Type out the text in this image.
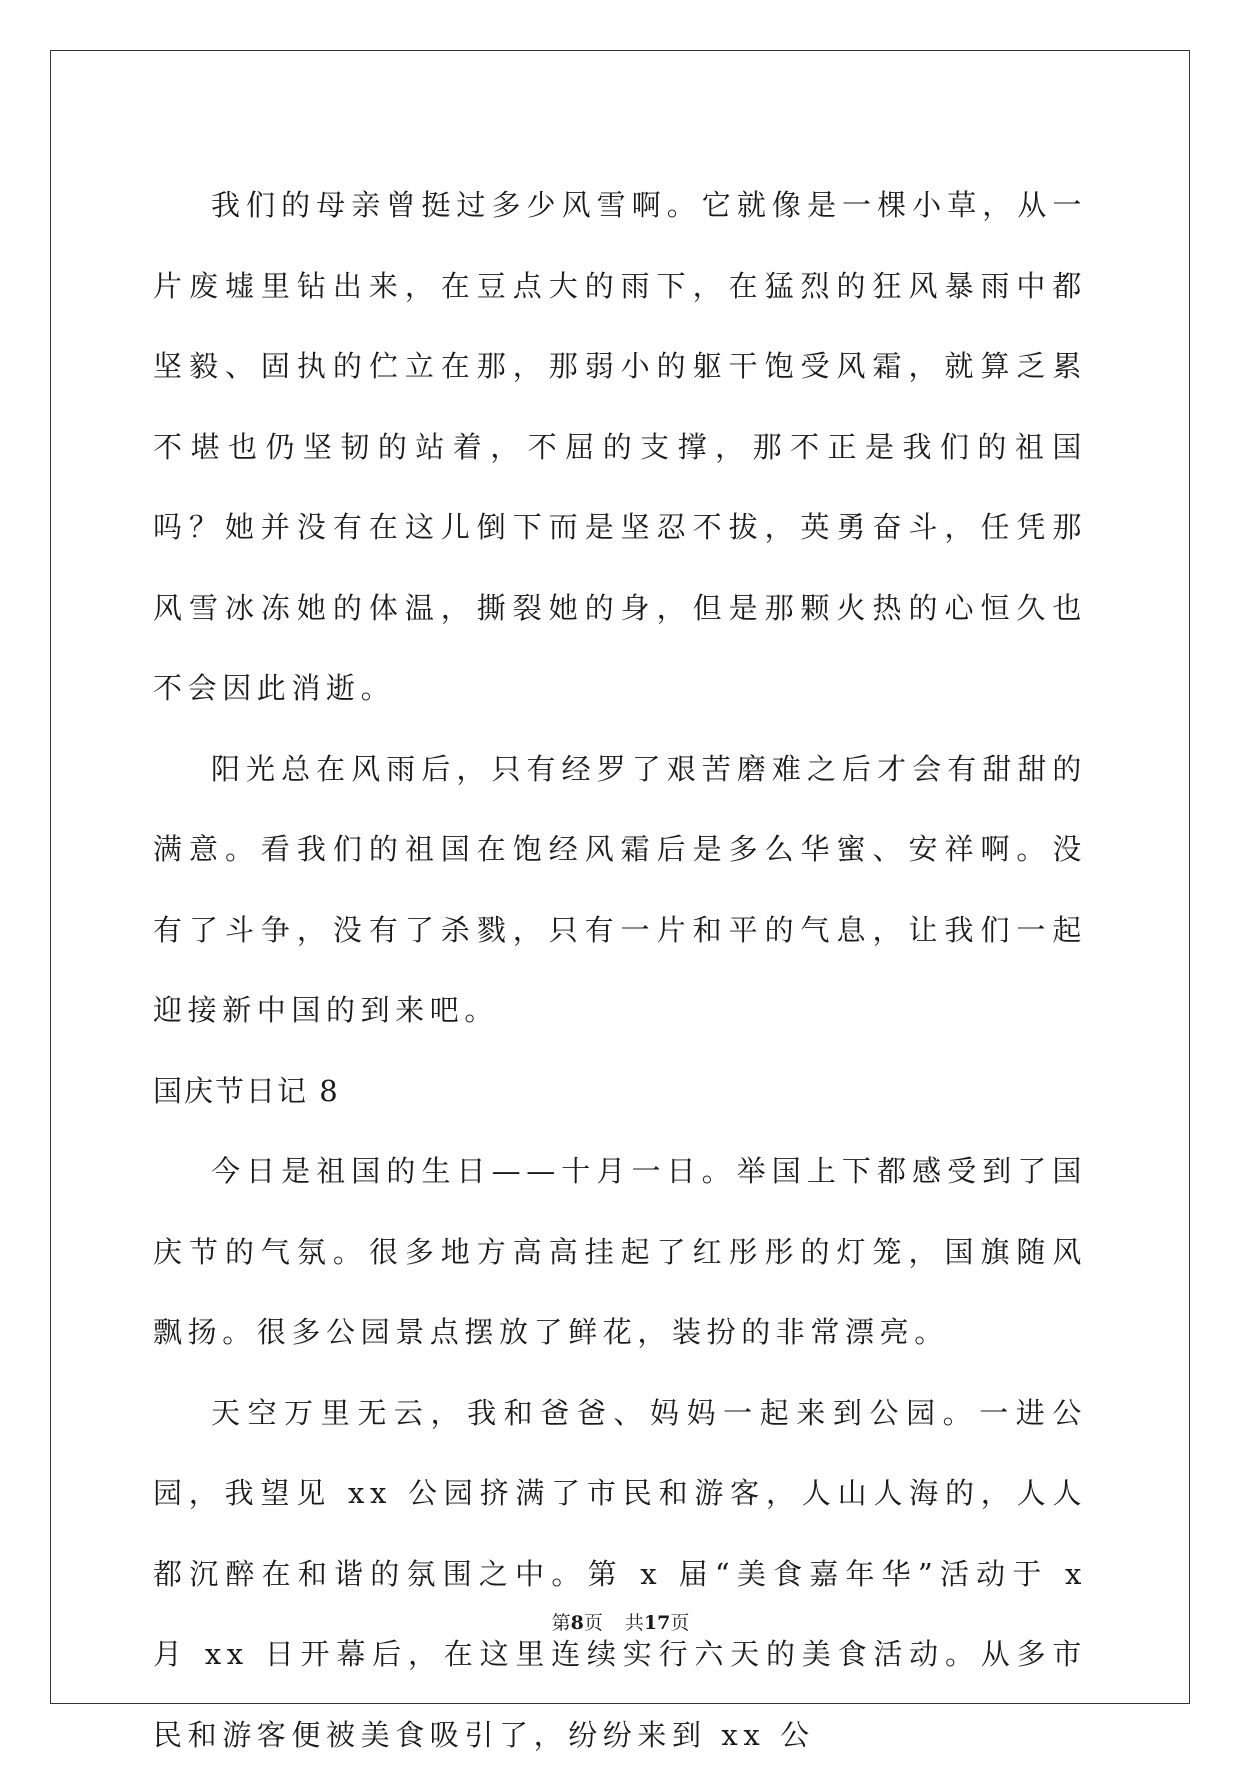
我们的母亲曾挺过多少风雪啊。它就像是一棵小草，从一片废墟里钻出来，在豆点大的雨下，在猛烈的狂风暴雨中都坚毅、固执的伫立在那，那弱小的躯干饱受风霜，就算乏累不堪也仍坚韧的站着，不屈的支撑，那不正是我们的祖国吗？她并没有在这儿倒下而是坚忍不拔，英勇奋斗，任凭那风雪冰冻她的体温，撕裂她的身，但是那颗火热的心恒久也不会因此消逝。

阳光总在风雨后，只有经罗了艰苦磨难之后才会有甜甜的满意。看我们的祖国在饱经风霜后是多么华蜜、安祥啊。没有了斗争，没有了杀戮，只有一片和平的气息，让我们一起迎接新中国的到来吧。

国庆节日记 8

今日是祖国的生日——十月一日。举国上下都感受到了国庆节的气氛。很多地方高高挂起了红彤彤的灯笼，国旗随风飘扬。很多公园景点摆放了鲜花，装扮的非常漂亮。

天空万里无云，我和爸爸、妈妈一起来到公园。一进公园，我望见 xx 公园挤满了市民和游客，人山人海的，人人都沉醉在和谐的氛围之中。第 x 届“美食嘉年华”活动于 x 月 xx 日开幕后，在这里连续实行六天的美食活动。从多市民和游客便被美食吸引了，纷纷来到 xx 公

第8页 共17页
